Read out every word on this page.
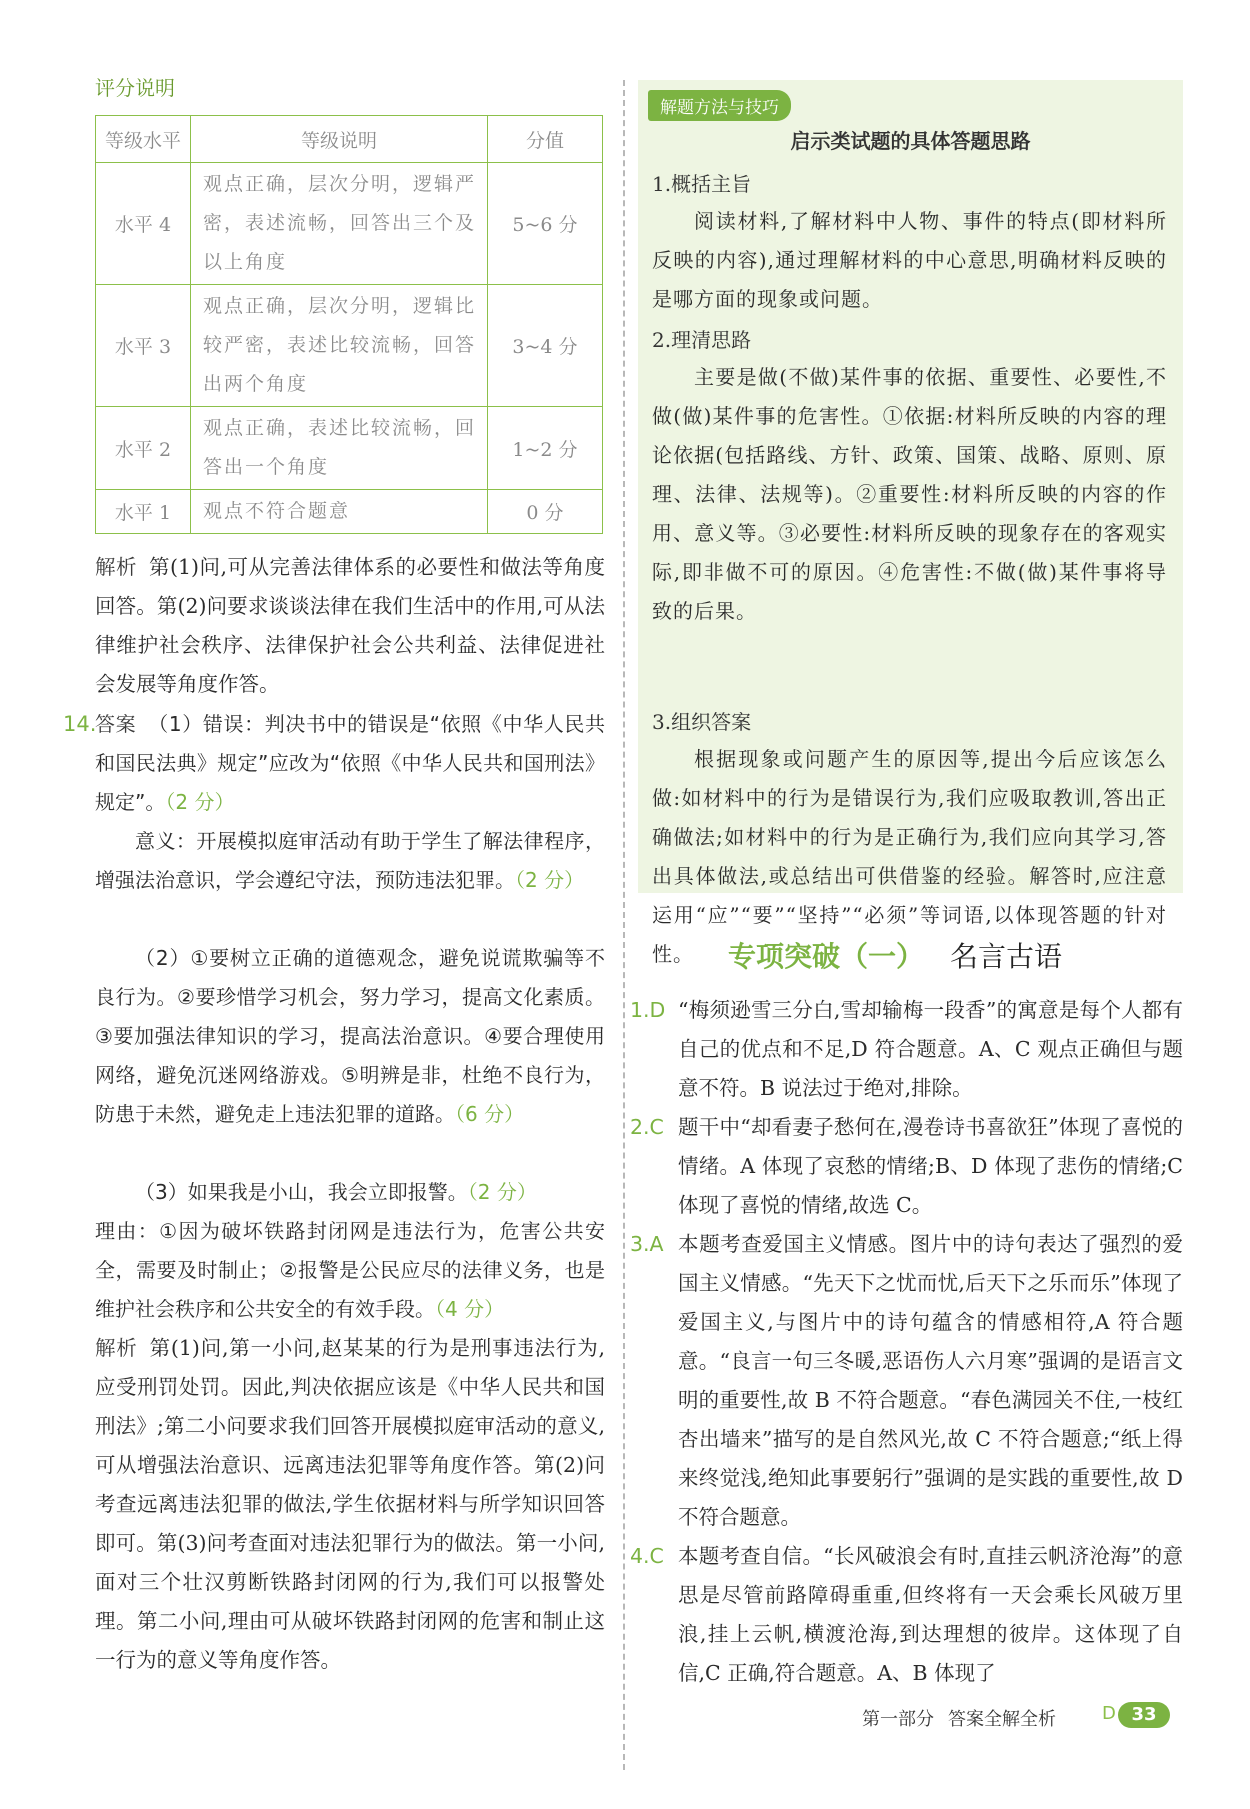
评分说明
等级水平	等级说明	分值
水平 4	观点正确，层次分明，逻辑严密，表述流畅，回答出三个及以上角度	5~6 分
水平 3	观点正确，层次分明，逻辑比较严密，表述比较流畅，回答出两个角度	3~4 分
水平 2	观点正确，表述比较流畅，回答出一个角度	1~2 分
水平 1	观点不符合题意	0 分
解析 第(1)问,可从完善法律体系的必要性和做法等角度回答。第(2)问要求谈谈法律在我们生活中的作用,可从法律维护社会秩序、法律保护社会公共利益、法律促进社会发展等角度作答。
14.
答案 （1）错误：判决书中的错误是“依照《中华人民共和国民法典》规定”应改为“依照《中华人民共和国刑法》规定”。（2 分）
意义：开展模拟庭审活动有助于学生了解法律程序，增强法治意识，学会遵纪守法，预防违法犯罪。（2 分）
（2）①要树立正确的道德观念，避免说谎欺骗等不良行为。②要珍惜学习机会，努力学习，提高文化素质。③要加强法律知识的学习，提高法治意识。④要合理使用网络，避免沉迷网络游戏。⑤明辨是非，杜绝不良行为，防患于未然，避免走上违法犯罪的道路。（6 分）
（3）如果我是小山，我会立即报警。（2 分）
理由：①因为破坏铁路封闭网是违法行为，危害公共安全，需要及时制止；②报警是公民应尽的法律义务，也是维护社会秩序和公共安全的有效手段。（4 分）
解析 第(1)问,第一小问,赵某某的行为是刑事违法行为,应受刑罚处罚。因此,判决依据应该是《中华人民共和国刑法》;第二小问要求我们回答开展模拟庭审活动的意义,可从增强法治意识、远离违法犯罪等角度作答。第(2)问考查远离违法犯罪的做法,学生依据材料与所学知识回答即可。第(3)问考查面对违法犯罪行为的做法。第一小问,面对三个壮汉剪断铁路封闭网的行为,我们可以报警处理。第二小问,理由可从破坏铁路封闭网的危害和制止这一行为的意义等角度作答。
解题方法与技巧
启示类试题的具体答题思路
1.概括主旨
阅读材料,了解材料中人物、事件的特点(即材料所反映的内容),通过理解材料的中心意思,明确材料反映的是哪方面的现象或问题。
2.理清思路
主要是做(不做)某件事的依据、重要性、必要性,不做(做)某件事的危害性。①依据:材料所反映的内容的理论依据(包括路线、方针、政策、国策、战略、原则、原理、法律、法规等)。②重要性:材料所反映的内容的作用、意义等。③必要性:材料所反映的现象存在的客观实际,即非做不可的原因。④危害性:不做(做)某件事将导致的后果。
3.组织答案
根据现象或问题产生的原因等,提出今后应该怎么做:如材料中的行为是错误行为,我们应吸取教训,答出正确做法;如材料中的行为是正确行为,我们应向其学习,答出具体做法,或总结出可供借鉴的经验。解答时,应注意运用“应”“要”“坚持”“必须”等词语,以体现答题的针对性。	专项突破（一） 名言古语
1.D “梅须逊雪三分白,雪却输梅一段香”的寓意是每个人都有自己的优点和不足,D 符合题意。A、C 观点正确但与题意不符。B 说法过于绝对,排除。
2.C 题干中“却看妻子愁何在,漫卷诗书喜欲狂”体现了喜悦的情绪。A 体现了哀愁的情绪;B、D 体现了悲伤的情绪;C 体现了喜悦的情绪,故选 C。
3.A 本题考查爱国主义情感。图片中的诗句表达了强烈的爱国主义情感。“先天下之忧而忧,后天下之乐而乐”体现了爱国主义,与图片中的诗句蕴含的情感相符,A 符合题意。“良言一句三冬暖,恶语伤人六月寒”强调的是语言文明的重要性,故 B 不符合题意。“春色满园关不住,一枝红杏出墙来”描写的是自然风光,故 C 不符合题意;“纸上得来终觉浅,绝知此事要躬行”强调的是实践的重要性,故 D 不符合题意。
4.C 本题考查自信。“长风破浪会有时,直挂云帆济沧海”的意思是尽管前路障碍重重,但终将有一天会乘长风破万里浪,挂上云帆,横渡沧海,到达理想的彼岸。这体现了自信,C 正确,符合题意。A、B 体现了
第一部分 答案全解全析	D 33
